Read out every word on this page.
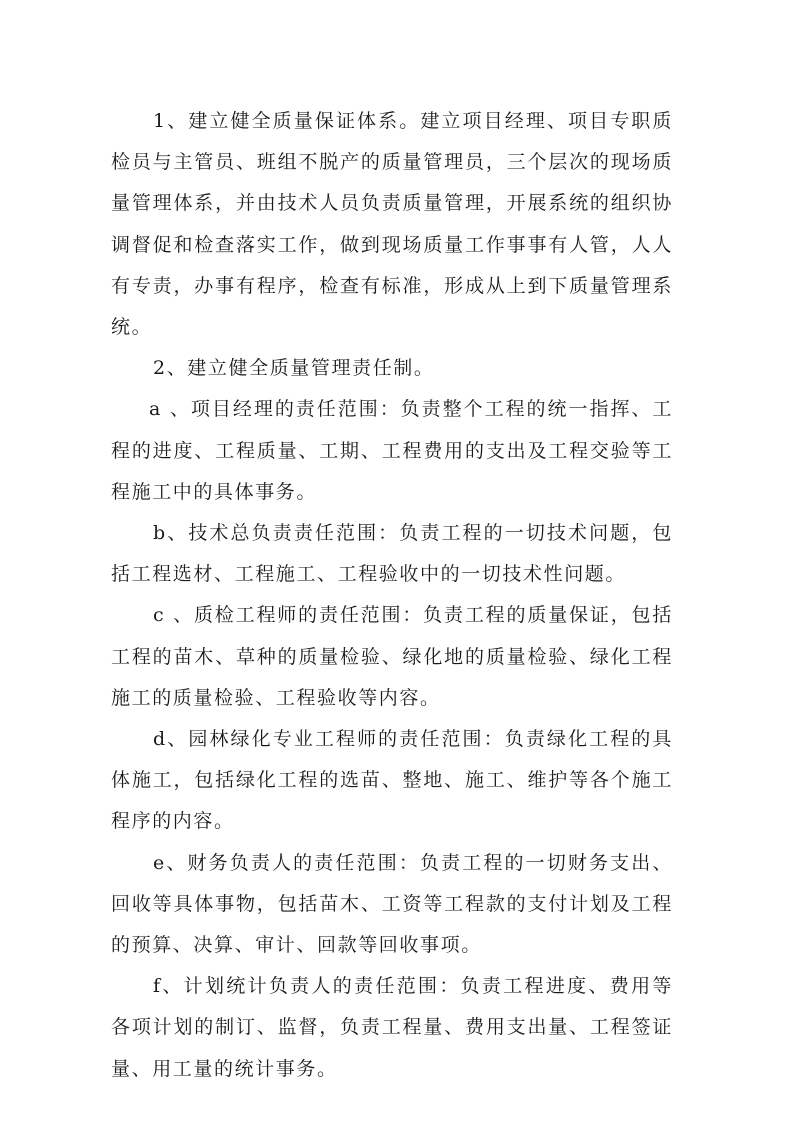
1、建立健全质量保证体系。建立项目经理、项目专职质检员与主管员、班组不脱产的质量管理员，三个层次的现场质量管理体系，并由技术人员负责质量管理，开展系统的组织协调督促和检查落实工作，做到现场质量工作事事有人管，人人有专责，办事有程序，检查有标准，形成从上到下质量管理系统。

2、建立健全质量管理责任制。

a 、项目经理的责任范围：负责整个工程的统一指挥、工程的进度、工程质量、工期、工程费用的支出及工程交验等工程施工中的具体事务。

b、技术总负责责任范围：负责工程的一切技术问题，包括工程选材、工程施工、工程验收中的一切技术性问题。

c 、质检工程师的责任范围：负责工程的质量保证，包括工程的苗木、草种的质量检验、绿化地的质量检验、绿化工程施工的质量检验、工程验收等内容。

d、园林绿化专业工程师的责任范围：负责绿化工程的具体施工，包括绿化工程的选苗、整地、施工、维护等各个施工程序的内容。

e、财务负责人的责任范围：负责工程的一切财务支出、回收等具体事物，包括苗木、工资等工程款的支付计划及工程的预算、决算、审计、回款等回收事项。

f、计划统计负责人的责任范围：负责工程进度、费用等各项计划的制订、监督，负责工程量、费用支出量、工程签证量、用工量的统计事务。
